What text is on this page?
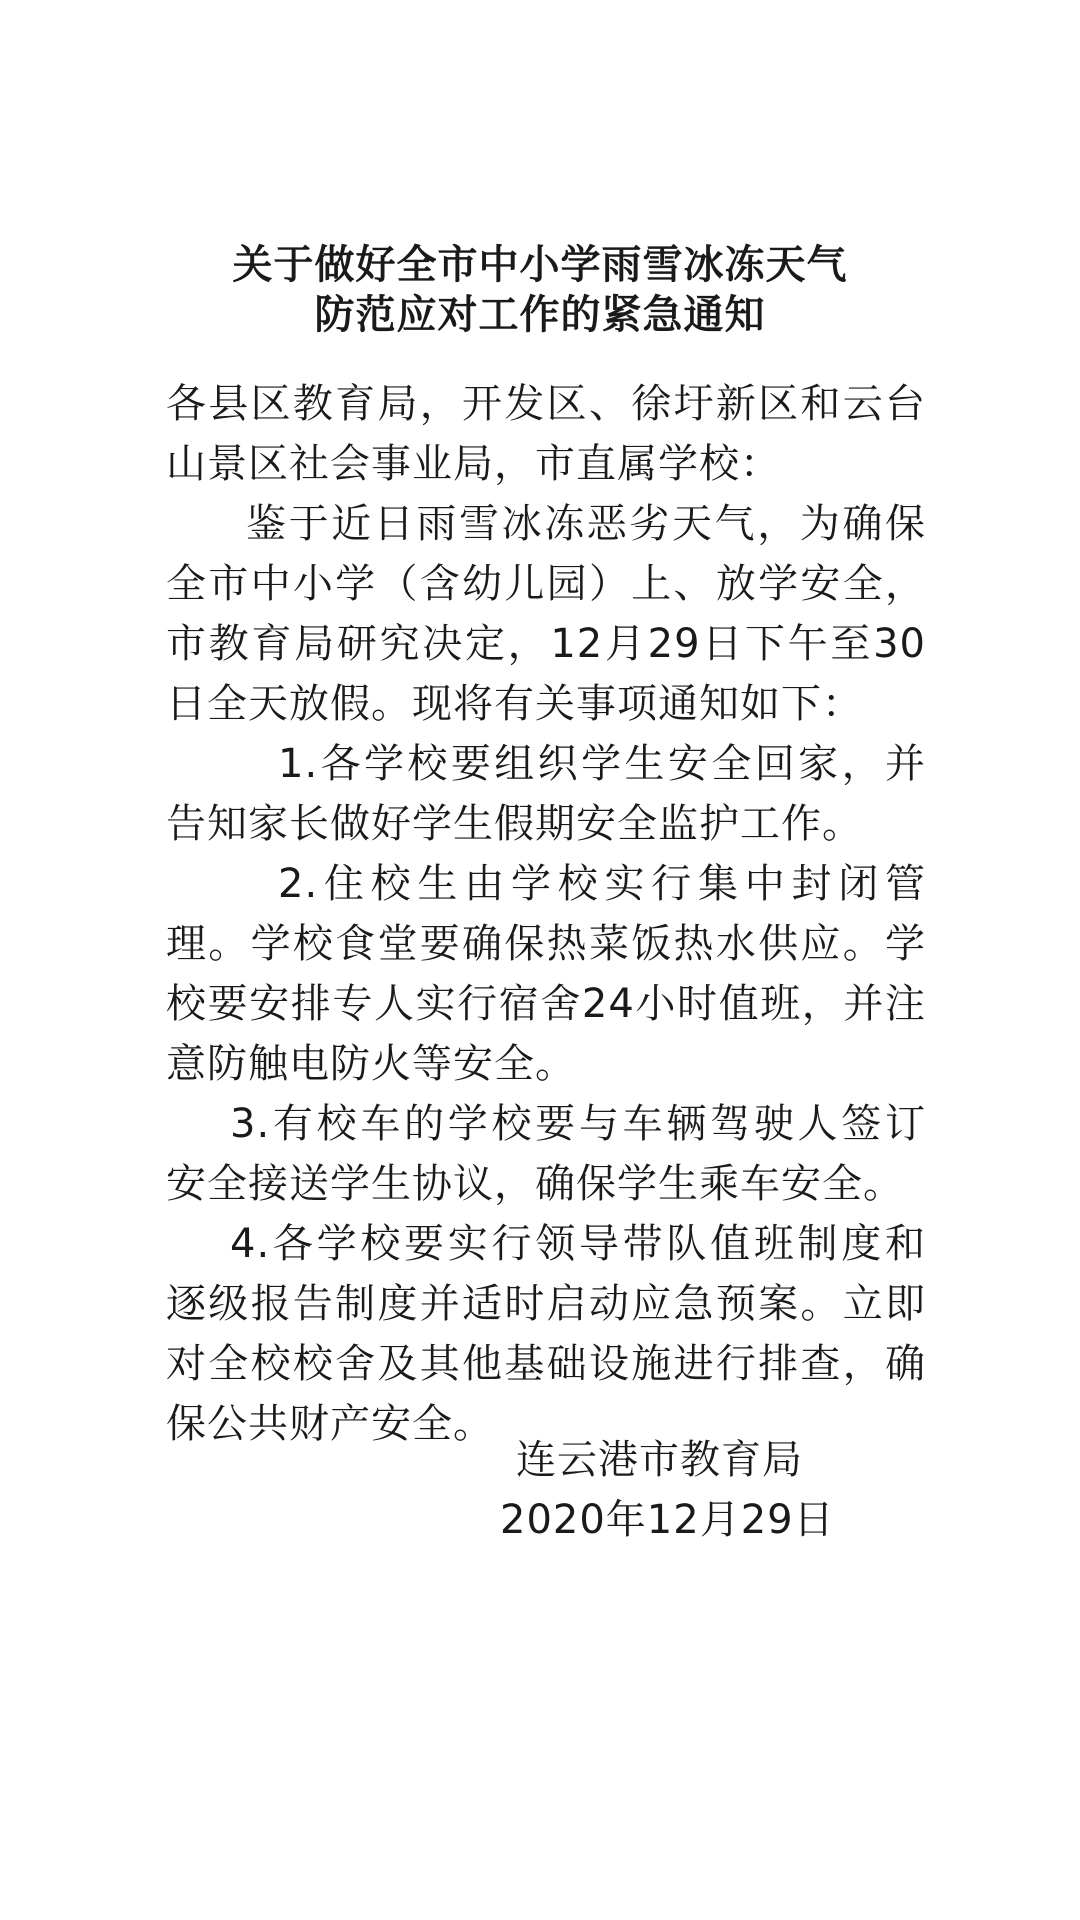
关于做好全市中小学雨雪冰冻天气
防范应对工作的紧急通知

各县区教育局，开发区、徐圩新区和云台山景区社会事业局，市直属学校：

鉴于近日雨雪冰冻恶劣天气，为确保全市中小学（含幼儿园）上、放学安全，市教育局研究决定，12月29日下午至30日全天放假。现将有关事项通知如下：

1.各学校要组织学生安全回家，并告知家长做好学生假期安全监护工作。

2.住校生由学校实行集中封闭管理。学校食堂要确保热菜饭热水供应。学校要安排专人实行宿舍24小时值班，并注意防触电防火等安全。

3.有校车的学校要与车辆驾驶人签订安全接送学生协议，确保学生乘车安全。

4.各学校要实行领导带队值班制度和逐级报告制度并适时启动应急预案。立即对全校校舍及其他基础设施进行排查，确保公共财产安全。

连云港市教育局
2020年12月29日
